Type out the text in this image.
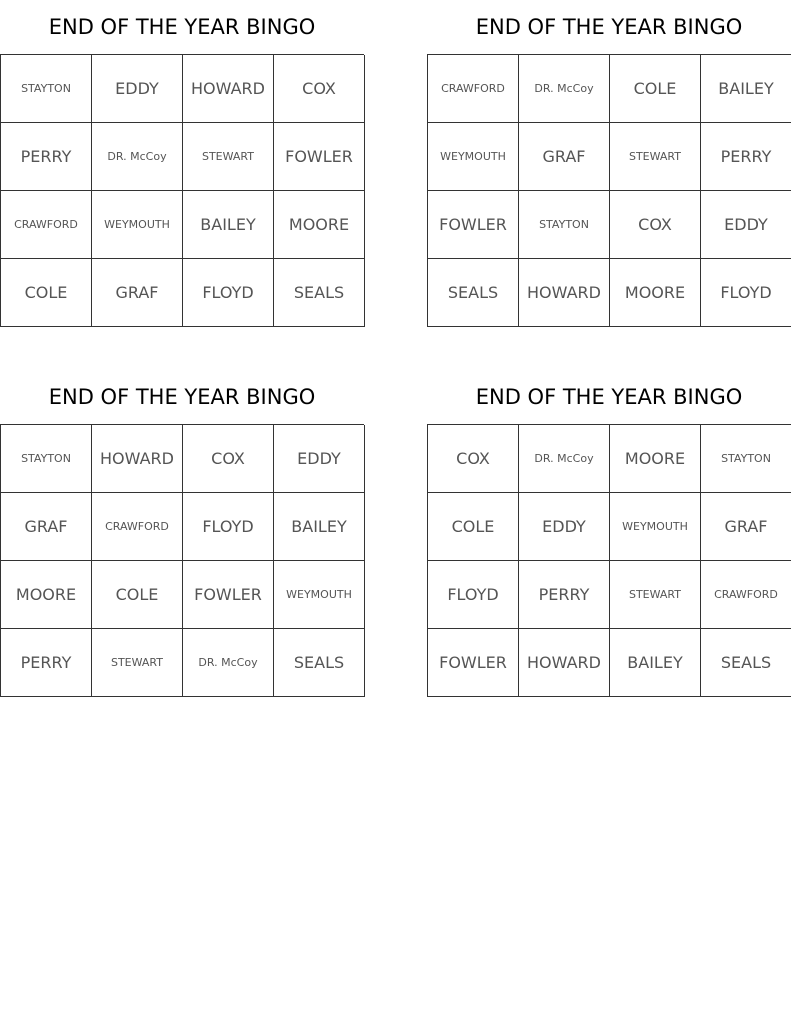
END OF THE YEAR BINGO
STAYTON	EDDY	HOWARD	COX
PERRY	DR. McCoy	STEWART	FOWLER
CRAWFORD	WEYMOUTH	BAILEY	MOORE
COLE	GRAF	FLOYD	SEALS
END OF THE YEAR BINGO
CRAWFORD	DR. McCoy	COLE	BAILEY
WEYMOUTH	GRAF	STEWART	PERRY
FOWLER	STAYTON	COX	EDDY
SEALS	HOWARD	MOORE	FLOYD
END OF THE YEAR BINGO
STAYTON	HOWARD	COX	EDDY
GRAF	CRAWFORD	FLOYD	BAILEY
MOORE	COLE	FOWLER	WEYMOUTH
PERRY	STEWART	DR. McCoy	SEALS
END OF THE YEAR BINGO
COX	DR. McCoy	MOORE	STAYTON
COLE	EDDY	WEYMOUTH	GRAF
FLOYD	PERRY	STEWART	CRAWFORD
FOWLER	HOWARD	BAILEY	SEALS
